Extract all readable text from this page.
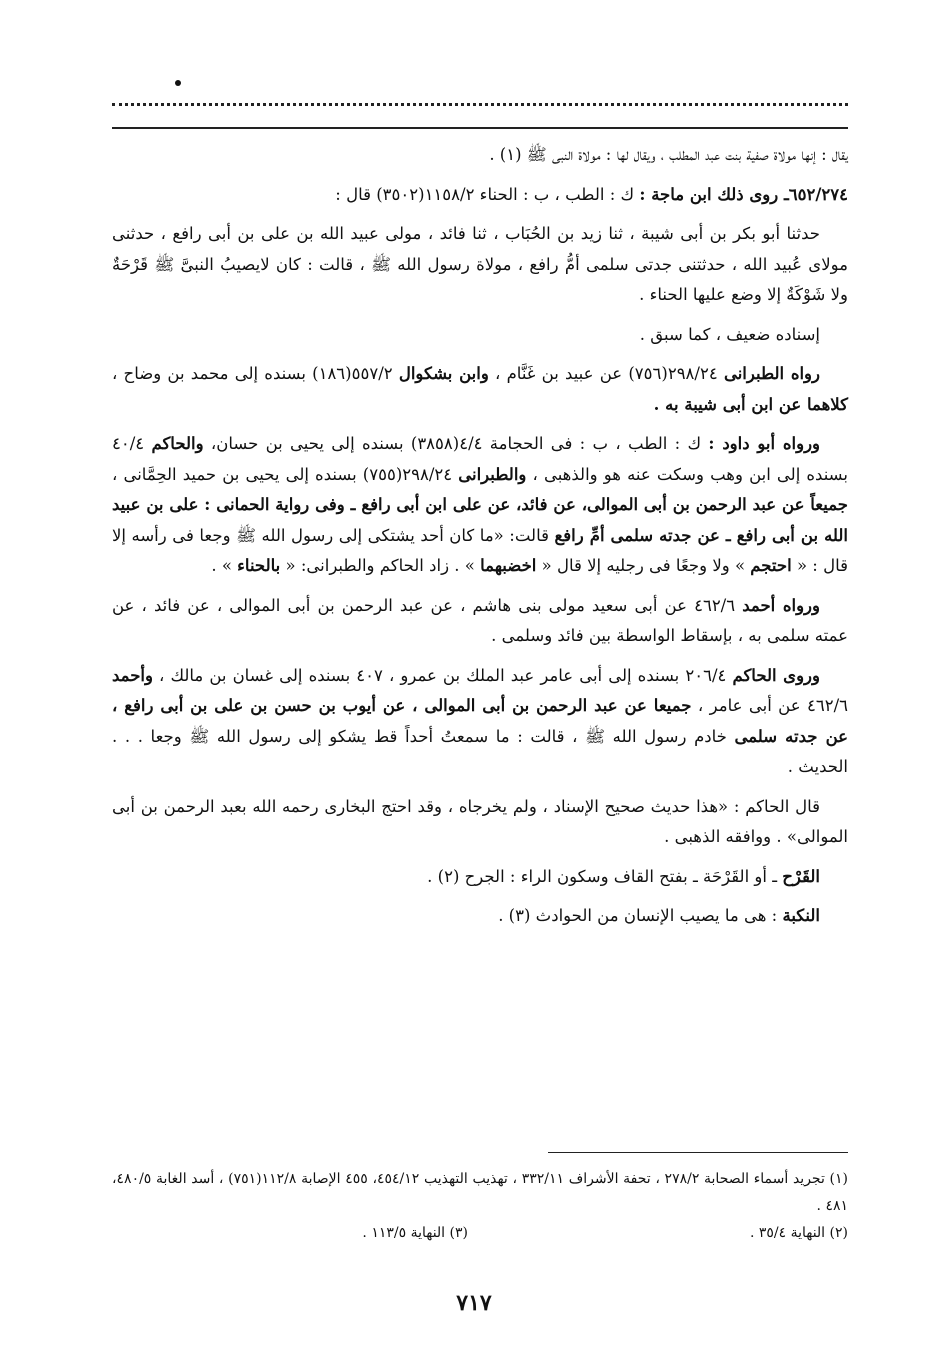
يقال : إنها مولاة صفية بنت عبد المطلب ، ويقال لها : مولاة النبى ﷺ (١) .

٦٥٢/٢٧٤ـ روى ذلك ابن ماجة : ك : الطب ، ب : الحناء ١١٥٨/٢(٣٥٠٢) قال :

حدثنا أبو بكر بن أبى شيبة ، ثنا زيد بن الحُبَاب ، ثنا فائد ، مولى عبيد الله بن على بن أبى رافع ، حدثنى مولاى عُبيد الله ، حدثتنى جدتى سلمى أمُّ رافع ، مولاة رسول الله ﷺ ، قالت : كان لايصيبُ النبىَّ ﷺ قَرْحَةٌ ولا شَوْكَةٌ إلا وضع عليها الحناء .

إسناده ضعيف ، كما سبق .

رواه الطبرانى ٢٩٨/٢٤(٧٥٦) عن عبيد بن غَنَّام ، وابن بشكوال ٥٥٧/٢(١٨٦) بسنده إلى محمد بن وضاح ، كلاهما عن ابن أبى شيبة به .

ورواه أبو داود : ك : الطب ، ب : فى الحجامة ٤/٤(٣٨٥٨) بسنده إلى يحيى بن حسان، والحاكم ٤٠/٤ بسنده إلى ابن وهب وسكت عنه هو والذهبى ، والطبرانى ٢٩٨/٢٤(٧٥٥) بسنده إلى يحيى بن حميد الحِمَّانى ، جميعاً عن عبد الرحمن بن أبى الموالى، عن فائد، عن على ابن أبى رافع ـ وفى رواية الحمانى : على بن عبيد الله بن أبى رافع ـ عن جدته سلمى أمِّ رافع قالت: «ما كان أحد يشتكى إلى رسول الله ﷺ وجعا فى رأسه إلا قال : « احتجم » ولا وجعًا فى رجليه إلا قال « اخضبهما » . زاد الحاكم والطبرانى: « بالحناء » .

ورواه أحمد ٤٦٢/٦ عن أبى سعيد مولى بنى هاشم ، عن عبد الرحمن بن أبى الموالى ، عن فائد ، عن عمته سلمى به ، بإسقاط الواسطة بين فائد وسلمى .

وروى الحاكم ٢٠٦/٤ بسنده إلى أبى عامر عبد الملك بن عمرو ، ٤٠٧ بسنده إلى غسان بن مالك ، وأحمد ٤٦٢/٦ عن أبى عامر ، جميعا عن عبد الرحمن بن أبى الموالى ، عن أيوب بن حسن بن على بن أبى رافع ، عن جدته سلمى خادم رسول الله ﷺ ، قالت : ما سمعتُ أحداً قط يشكو إلى رسول الله ﷺ وجعا . . . الحديث .

قال الحاكم : «هذا حديث صحيح الإسناد ، ولم يخرجاه ، وقد احتج البخارى رحمه الله بعبد الرحمن بن أبى الموالى» . ووافقه الذهبى .

القَرْح ـ أو القَرْحَة ـ بفتح القاف وسكون الراء : الجرح (٢) .

النكبة : هى ما يصيب الإنسان من الحوادث (٣) .

(١) تجريد أسماء الصحابة ٢٧٨/٢ ، تحفة الأشراف ٣٣٢/١١ ، تهذيب التهذيب ٤٥٤/١٢، ٤٥٥ الإصابة ١١٢/٨(٧٥١) ، أسد الغابة ٤٨٠/٥، ٤٨١ .

(٢) النهاية ٣٥/٤ .
(٣) النهاية ١١٣/٥ .
٧١٧
